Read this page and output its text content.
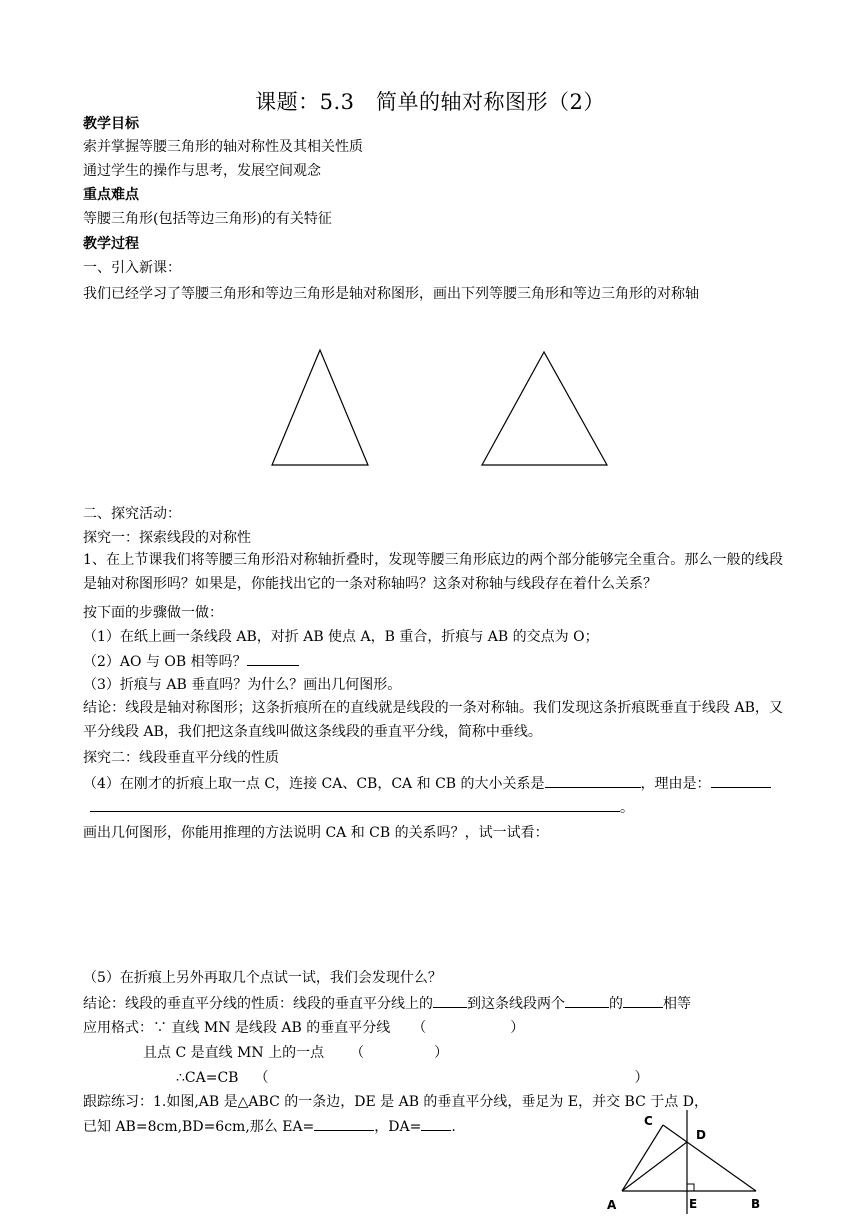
课题：5.3　简单的轴对称图形（2）
教学目标
索并掌握等腰三角形的轴对称性及其相关性质
通过学生的操作与思考，发展空间观念
重点难点
等腰三角形(包括等边三角形)的有关特征
教学过程
一、引入新课：
我们已经学习了等腰三角形和等边三角形是轴对称图形，画出下列等腰三角形和等边三角形的对称轴
二、探究活动：
探究一：探索线段的对称性
1、在上节课我们将等腰三角形沿对称轴折叠时，发现等腰三角形底边的两个部分能够完全重合。那么一般的线段是轴对称图形吗？如果是，你能找出它的一条对称轴吗？这条对称轴与线段存在着什么关系？
按下面的步骤做一做：
（1）在纸上画一条线段 AB，对折 AB 使点 A，B 重合，折痕与 AB 的交点为 O；
（2）AO 与 OB 相等吗？
（3）折痕与 AB 垂直吗？为什么？画出几何图形。
结论：线段是轴对称图形；这条折痕所在的直线就是线段的一条对称轴。我们发现这条折痕既垂直于线段 AB，又平分线段 AB，我们把这条直线叫做这条线段的垂直平分线，简称中垂线。
探究二：线段垂直平分线的性质
（4）在刚才的折痕上取一点 C，连接 CA、CB，CA 和 CB 的大小关系是	，理由是：
。
画出几何图形，你能用推理的方法说明 CA 和 CB 的关系吗？，试一试看：
（5）在折痕上另外再取几个点试一试，我们会发现什么？
结论：线段的垂直平分线的性质：线段的垂直平分线上的 到这条线段两个	的	相等
应用格式：∵ 直线 MN 是线段 AB 的垂直平分线 （　　　　　　）
且点 C 是直线 MN 上的一点 （　　　　　）
∴CA=CB （	）
跟踪练习：1.如图,AB 是△ABC 的一条边，DE 是 AB 的垂直平分线，垂足为 E，并交 BC 于点 D，
已知 AB=8cm,BD=6cm,那么 EA=	，DA= .	C
D
A	E	B
